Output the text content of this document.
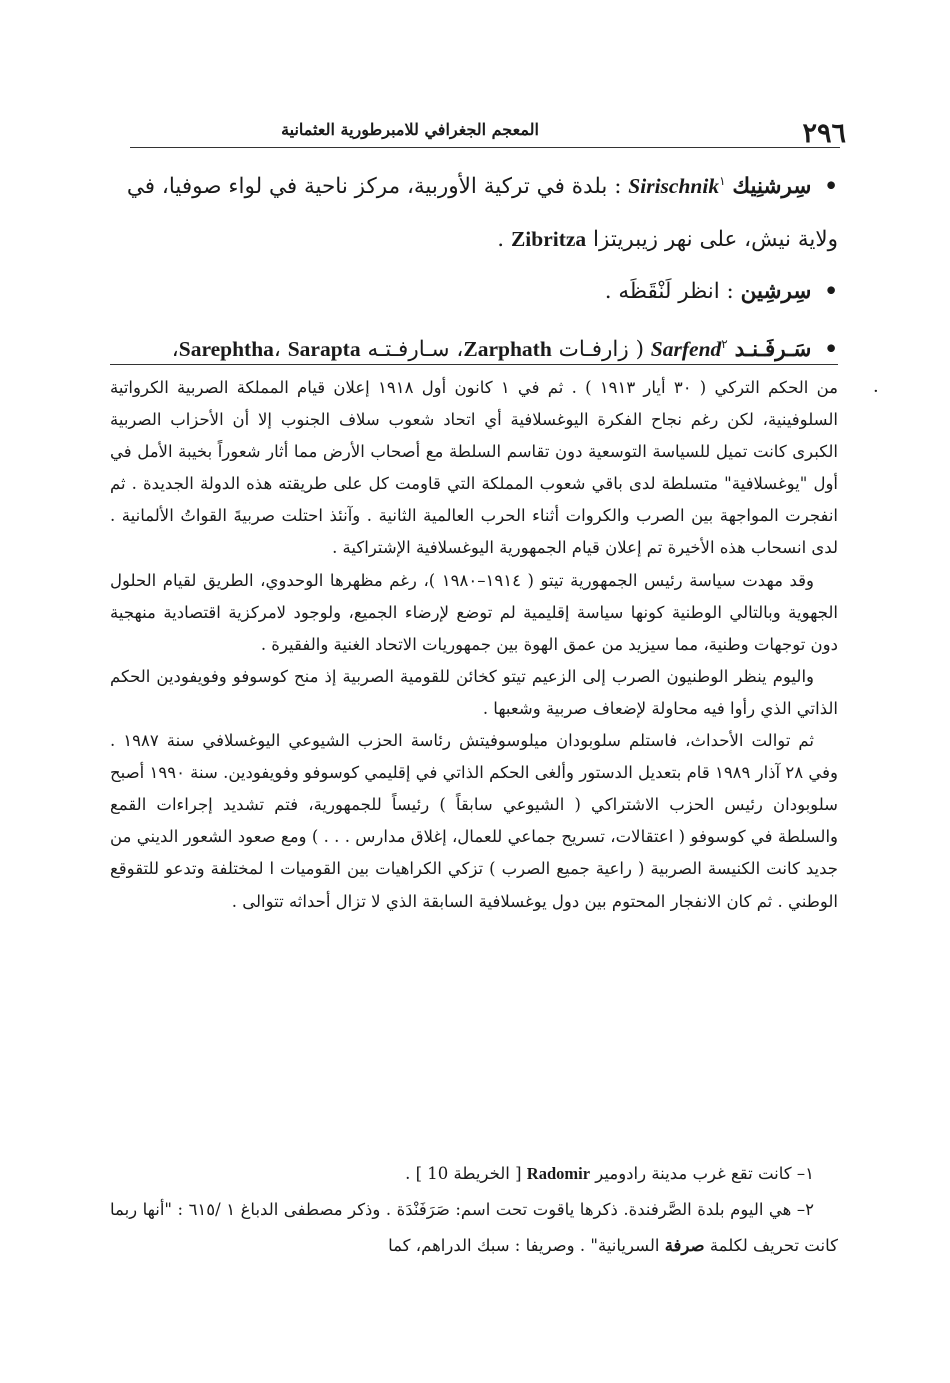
٢٩٦
المعجم الجغرافي للامبرطورية العثمانية

• سِرشنِيك Sirischnik$^١$ : بلدة في تركية الأوربية، مركز ناحية في لواء صوفيا، في ولاية نيش، على نهر زيبريتزا Zibritza .

• سِرشِين : انظر لَنْقَظَه .

• سَـرفَـنـد Sarfend$^٢$ ( زارفـات Zarphath، سـارفـتـه Sarephtha، Sarapta،

·

من الحكم التركي ( ٣٠ أيار ١٩١٣ ) . ثم في ١ كانون أول ١٩١٨ إعلان قيام المملكة الصربية الكرواتية السلوفينية، لكن رغم نجاح الفكرة اليوغسلافية أي اتحاد شعوب سلاف الجنوب إلا أن الأحزاب الصربية الكبرى كانت تميل للسياسة التوسعية دون تقاسم السلطة مع أصحاب الأرض مما أثار شعوراً بخيبة الأمل في أول "يوغسلافية" متسلطة لدى باقي شعوب المملكة التي قاومت كل على طريقته هذه الدولة الجديدة . ثم انفجرت المواجهة بين الصرب والكروات أثناء الحرب العالمية الثانية . وآنئذ احتلت صربيةَ القواتُ الألمانية . لدى انسحاب هذه الأخيرة تم إعلان قيام الجمهورية اليوغسلافية الإشتراكية .

وقد مهدت سياسة رئيس الجمهورية تيتو ( ١٩١٤–١٩٨٠ )، رغم مظهرها الوحدوي، الطريق لقيام الحلول الجهوية وبالتالي الوطنية كونها سياسة إقليمية لم توضع لإرضاء الجميع، ولوجود لامركزية اقتصادية منهجية دون توجهات وطنية، مما سيزيد من عمق الهوة بين جمهوريات الاتحاد الغنية والفقيرة .

واليوم ينظر الوطنيون الصرب إلى الزعيم تيتو كخائن للقومية الصربية إذ منح كوسوفو وفويفودين الحكم الذاتي الذي رأوا فيه محاولة لإضعاف صربية وشعبها .

ثم توالت الأحداث، فاستلم سلوبودان ميلوسوفيتش رئاسة الحزب الشيوعي اليوغسلافي سنة ١٩٨٧ . وفي ٢٨ آذار ١٩٨٩ قام بتعديل الدستور وألغى الحكم الذاتي في إقليمي كوسوفو وفويفودين. سنة ١٩٩٠ أصبح سلوبودان رئيس الحزب الاشتراكي ( الشيوعي سابقاً ) رئيساً للجمهورية، فتم تشديد إجراءات القمع والسلطة في كوسوفو ( اعتقالات، تسريح جماعي للعمال، إغلاق مدارس . . . ) ومع صعود الشعور الديني من جديد كانت الكنيسة الصربية ( راعية جميع الصرب ) تزكي الكراهيات بين القوميات ا لمختلفة وتدعو للتقوقع الوطني . ثم كان الانفجار المحتوم بين دول يوغسلافية السابقة الذي لا تزال أحداثه تتوالى .

١– كانت تقع غرب مدينة رادومير Radomir [ الخريطة 10 ] .

٢– هي اليوم بلدة الصَّرفندة. ذكرها ياقوت تحت اسم: صَرَفَنْدَة . وذكر مصطفى الدباغ ١ /٦١٥ : "أنها ربما كانت تحريف لكلمة صرفة السريانية" . وصريفا : سبك الدراهم، كما
